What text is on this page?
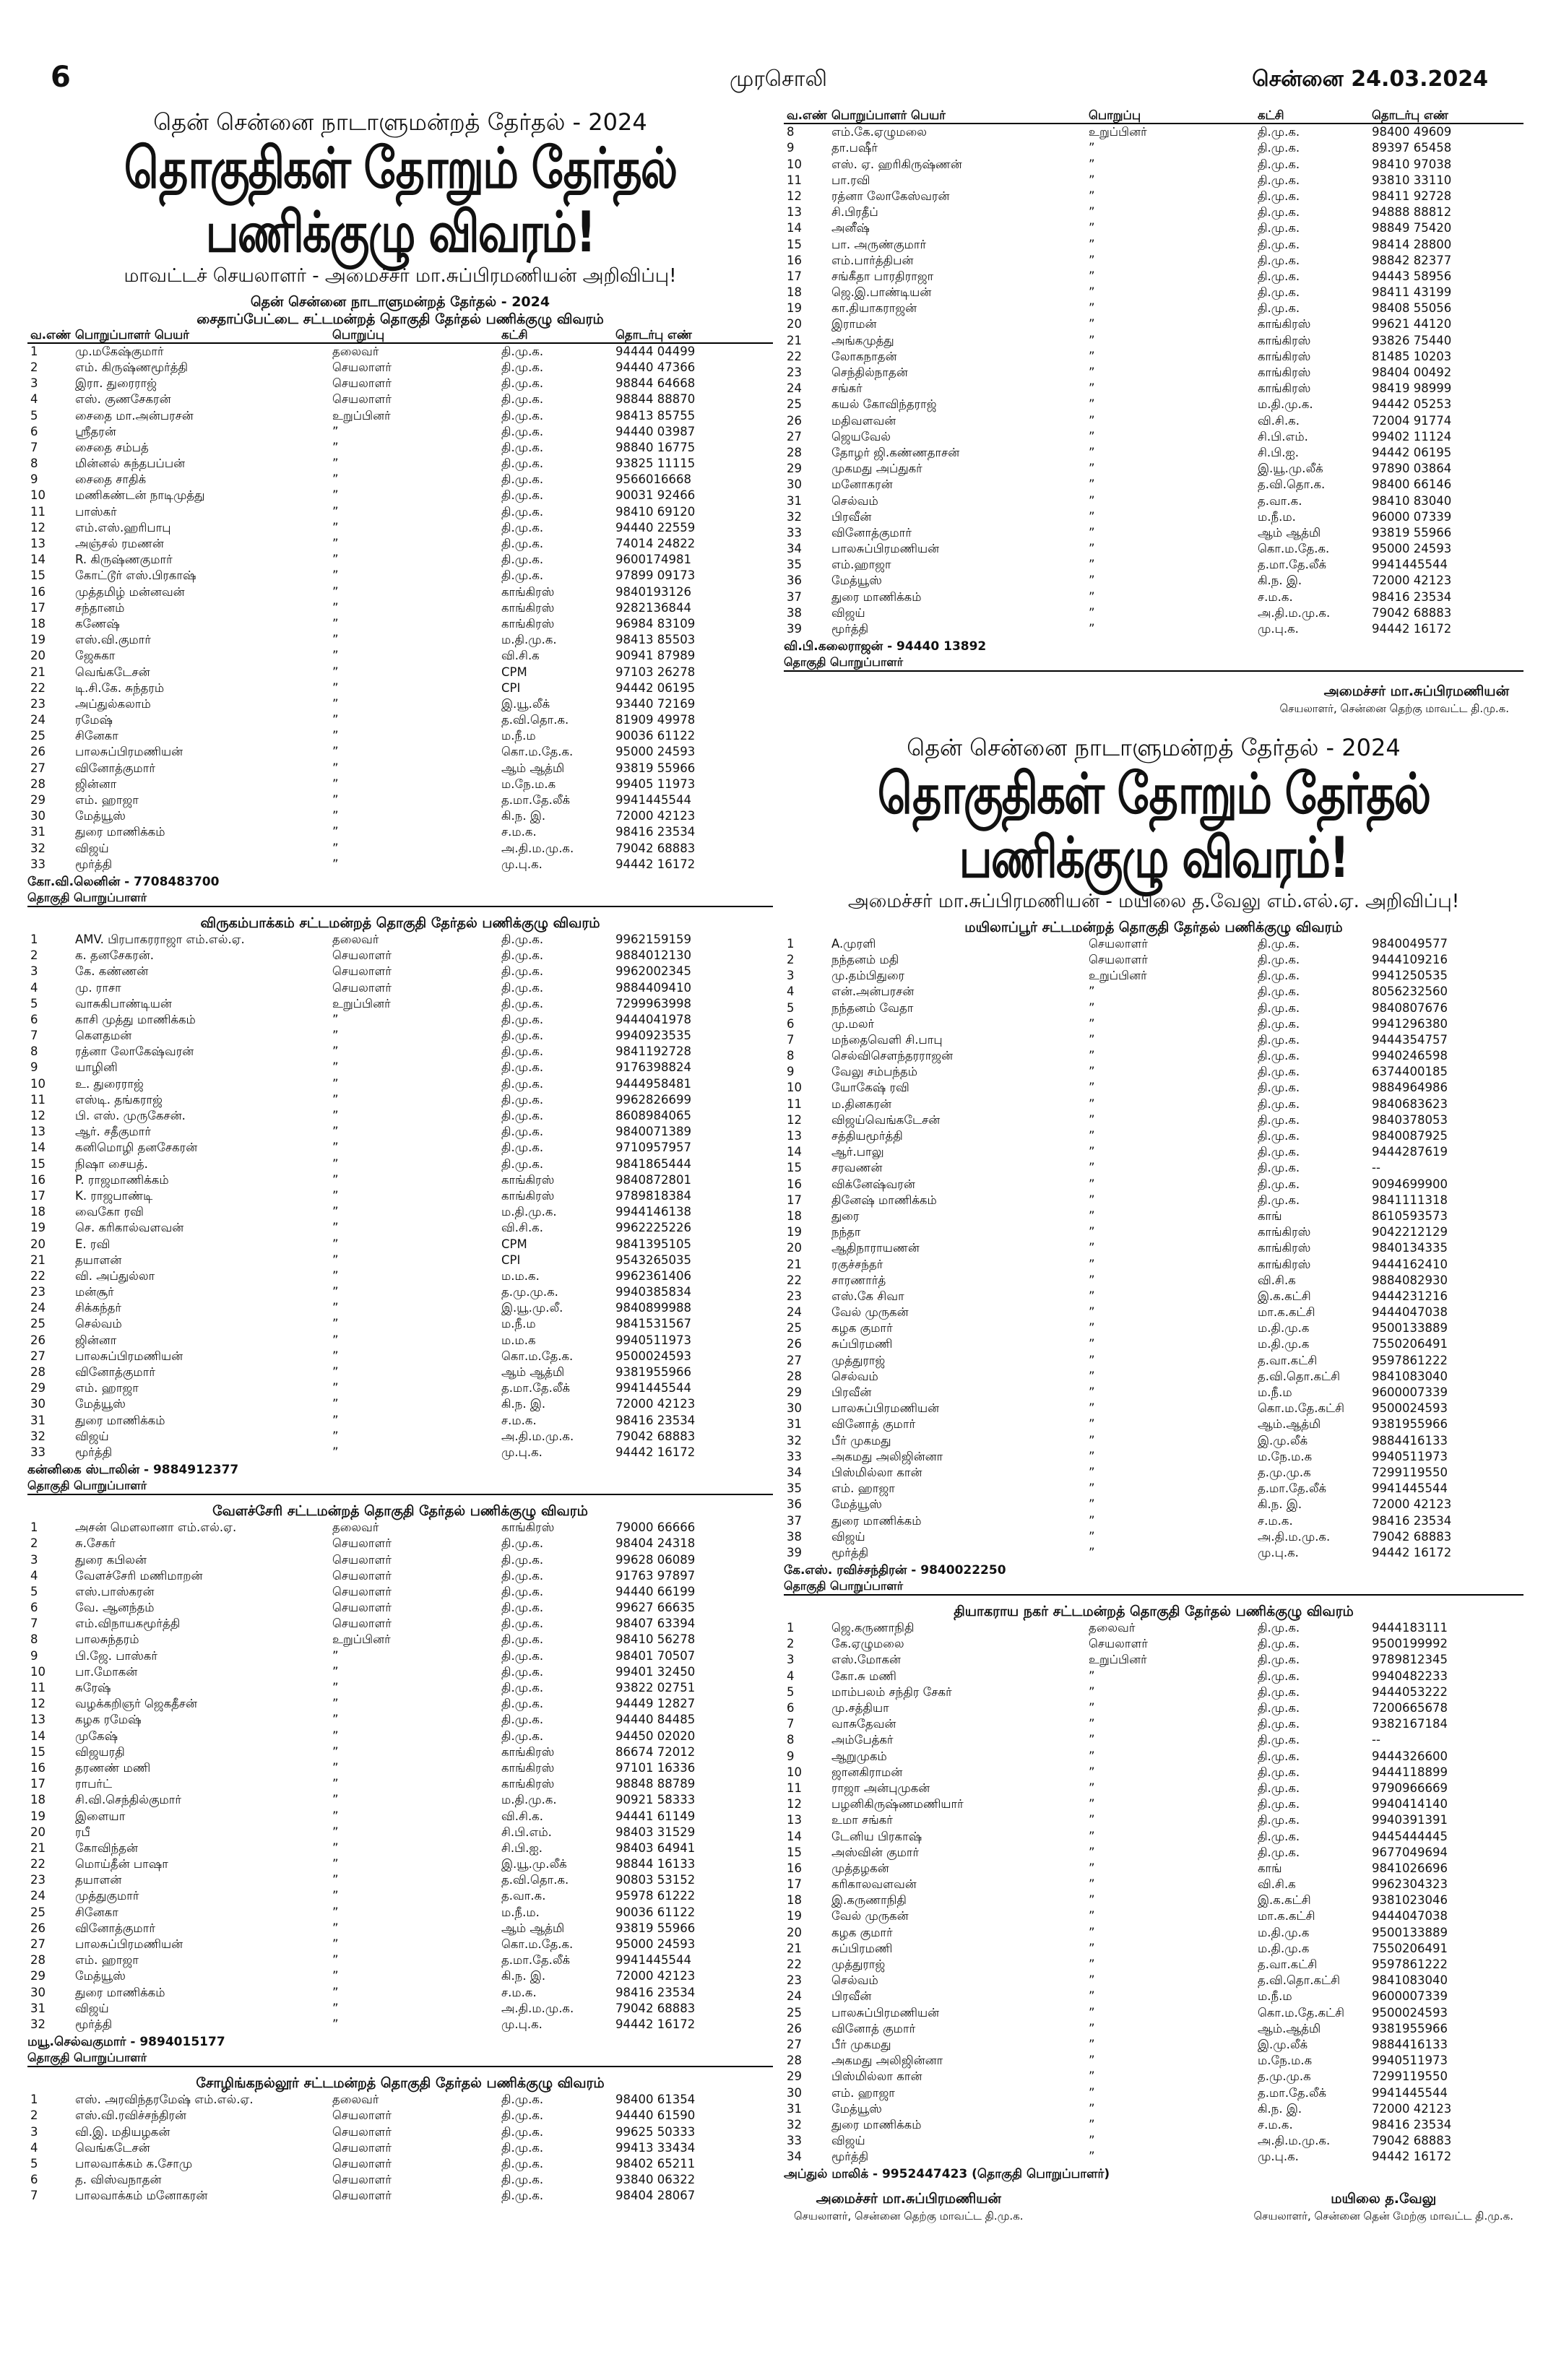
6	முரசொலி	சென்னை 24.03.2024
தென் சென்னை நாடாளுமன்றத் தேர்தல் - 2024
தொகுதிகள் தோறும் தேர்தல் பணிக்குழு விவரம்!
மாவட்டச் செயலாளர் - அமைச்சர் மா.சுப்பிரமணியன் அறிவிப்பு!
தென் சென்னை நாடாளுமன்றத் தேர்தல் - 2024
சைதாப்பேட்டை சட்டமன்றத் தொகுதி தேர்தல் பணிக்குழு விவரம்
வ.எண் பொறுப்பாளர் பெயர்	பொறுப்பு	கட்சி	தொடர்பு எண்
1	மு.மகேஷ்குமார்	தலைவர்	தி.மு.க.	94444 04499
2	எம். கிருஷ்ணமூர்த்தி	செயலாளர்	தி.மு.க.	94440 47366
3	இரா. துரைராஜ்	செயலாளர்	தி.மு.க.	98844 64668
4	எஸ். குணசேகரன்	செயலாளர்	தி.மு.க.	98844 88870
5	சைதை மா.அன்பரசன்	உறுப்பினர்	தி.மு.க.	98413 85755
6	ஸ்ரீதரன்	”	தி.மு.க.	94440 03987
7	சைதை சம்பத்	”	தி.மு.க.	98840 16775
8	மின்னல் சுந்தபப்பன்	”	தி.மு.க.	93825 11115
9	சைதை சாதிக்	”	தி.மு.க.	9566016668
10	மணிகண்டன் நாடிமுத்து	”	தி.மு.க.	90031 92466
11	பாஸ்கர்	”	தி.மு.க.	98410 69120
12	எம்.எஸ்.ஹரிபாபு	”	தி.மு.க.	94440 22559
13	அஞ்சல் ரமணன்	”	தி.மு.க.	74014 24822
14	R. கிருஷ்ணகுமார்	”	தி.மு.க.	9600174981
15	கோட்டூர் எஸ்.பிரகாஷ்	”	தி.மு.க.	97899 09173
16	முத்தமிழ் மன்னவன்	”	காங்கிரஸ்	9840193126
17	சந்தானம்	”	காங்கிரஸ்	9282136844
18	கணேஷ்	”	காங்கிரஸ்	96984 83109
19	எஸ்.வி.குமார்	”	ம.தி.மு.க.	98413 85503
20	ஜேசுகா	”	வி.சி.க	90941 87989
21	வெங்கடேசன்	”	CPM	97103 26278
22	டி.சி.கே. சுந்தரம்	”	CPI	94442 06195
23	அப்துல்கலாம்	”	இ.யூ.லீக்	93440 72169
24	ரமேஷ்	”	த.வி.தொ.க.	81909 49978
25	சினேகா	”	ம.நீ.ம	90036 61122
26	பாலசுப்பிரமணியன்	”	கொ.ம.தே.க.	95000 24593
27	வினோத்குமார்	”	ஆம் ஆத்மி	93819 55966
28	ஜின்னா	”	ம.நே.ம.க	99405 11973
29	எம். ஹாஜா	”	த.மா.தே.லீக்	9941445544
30	மேத்யூஸ்	”	கி.ந. இ.	72000 42123
31	துரை மாணிக்கம்	”	ச.ம.க.	98416 23534
32	விஜய்	”	அ.தி.ம.மு.க.	79042 68883
33	மூர்த்தி	”	மு.பு.க.	94442 16172
கோ.வி.லெனின் - 7708483700
தொகுதி பொறுப்பாளர்
விருகம்பாக்கம் சட்டமன்றத் தொகுதி தேர்தல் பணிக்குழு விவரம்
1	AMV. பிரபாகரராஜா எம்.எல்.ஏ.	தலைவர்	தி.மு.க.	9962159159
2	க. தனசேகரன்.	செயலாளர்	தி.மு.க.	9884012130
3	கே. கண்ணன்	செயலாளர்	தி.மு.க.	9962002345
4	மு. ராசா	செயலாளர்	தி.மு.க.	9884409410
5	வாசுகிபாண்டியன்	உறுப்பினர்	தி.மு.க.	7299963998
6	காசி முத்து மாணிக்கம்	”	தி.மு.க.	9444041978
7	கௌதமன்	”	தி.மு.க.	9940923535
8	ரத்னா லோகேஷ்வரன்	”	தி.மு.க.	9841192728
9	யாழினி	”	தி.மு.க.	9176398824
10	உ. துரைராஜ்	”	தி.மு.க.	9444958481
11	எஸ்டி. தங்கராஜ்	”	தி.மு.க.	9962826699
12	பி. எஸ். முருகேசன்.	”	தி.மு.க.	8608984065
13	ஆர். சதீகுமார்	”	தி.மு.க.	9840071389
14	கனிமொழி தனசேகரன்	”	தி.மு.க.	9710957957
15	நிஷா சையத்.	”	தி.மு.க.	9841865444
16	P. ராஜமாணிக்கம்	”	காங்கிரஸ்	9840872801
17	K. ராஜபாண்டி	”	காங்கிரஸ்	9789818384
18	வைகோ ரவி	”	ம.தி.மு.க.	9944146138
19	செ. கரிகால்வளவன்	”	வி.சி.க.	9962225226
20	E. ரவி	”	CPM	9841395105
21	தயாளன்	”	CPI	9543265035
22	வி. அப்துல்லா	”	ம.ம.க.	9962361406
23	மன்சூர்	”	த.மு.மு.க.	9940385834
24	சிக்கந்தர்	”	இ.யூ.மு.லீ.	9840899988
25	செல்வம்	”	ம.நீ.ம	9841531567
26	ஜின்னா	”	ம.ம.க	9940511973
27	பாலசுப்பிரமணியன்	”	கொ.ம.தே.க.	9500024593
28	வினோத்குமார்	”	ஆம் ஆத்மி	9381955966
29	எம். ஹாஜா	”	த.மா.தே.லீக்	9941445544
30	மேத்யூஸ்	”	கி.ந. இ.	72000 42123
31	துரை மாணிக்கம்	”	ச.ம.க.	98416 23534
32	விஜய்	”	அ.தி.ம.மு.க.	79042 68883
33	மூர்த்தி	”	மு.பு.க.	94442 16172
கன்னிகை ஸ்டாலின் - 9884912377
தொகுதி பொறுப்பாளர்
வேளச்சேரி சட்டமன்றத் தொகுதி தேர்தல் பணிக்குழு விவரம்
1	அசன் மௌலானா எம்.எல்.ஏ.	தலைவர்	காங்கிரஸ்	79000 66666
2	சு.சேகர்	செயலாளர்	தி.மு.க.	98404 24318
3	துரை கபிலன்	செயலாளர்	தி.மு.க.	99628 06089
4	வேளச்சேரி மணிமாறன்	செயலாளர்	தி.மு.க.	91763 97897
5	எஸ்.பாஸ்கரன்	செயலாளர்	தி.மு.க.	94440 66199
6	வே. ஆனந்தம்	செயலாளர்	தி.மு.க.	99627 66635
7	எம்.விநாயகமூர்த்தி	செயலாளர்	தி.மு.க.	98407 63394
8	பாலசுந்தரம்	உறுப்பினர்	தி.மு.க.	98410 56278
9	பி.ஜே. பாஸ்கர்	”	தி.மு.க.	98401 70507
10	பா.மோகன்	”	தி.மு.க.	99401 32450
11	சுரேஷ்	”	தி.மு.க.	93822 02751
12	வழக்கறிஞர் ஜெகதீசன்	”	தி.மு.க.	94449 12827
13	கழக ரமேஷ்	”	தி.மு.க.	94440 84485
14	முகேஷ்	”	தி.மு.க.	94450 02020
15	விஜயரதி	”	காங்கிரஸ்	86674 72012
16	தரணண் மணி	”	காங்கிரஸ்	97101 16336
17	ராபர்ட்	”	காங்கிரஸ்	98848 88789
18	சி.வி.செந்தில்குமார்	”	ம.தி.மு.க.	90921 58333
19	இளையா	”	வி.சி.க.	94441 61149
20	ரபீ	”	சி.பி.எம்.	98403 31529
21	கோவிந்தன்	”	சி.பி.ஐ.	98403 64941
22	மொய்தீன் பாஷா	”	இ.யூ.மு.லீக்	98844 16133
23	தயாளன்	”	த.வி.தொ.க.	90803 53152
24	முத்துகுமார்	”	த.வா.க.	95978 61222
25	சினேகா	”	ம.நீ.ம.	90036 61122
26	வினோத்குமார்	”	ஆம் ஆத்மி	93819 55966
27	பாலசுப்பிரமணியன்	”	கொ.ம.தே.க.	95000 24593
28	எம். ஹாஜா	”	த.மா.தே.லீக்	9941445544
29	மேத்யூஸ்	”	கி.ந. இ.	72000 42123
30	துரை மாணிக்கம்	”	ச.ம.க.	98416 23534
31	விஜய்	”	அ.தி.ம.மு.க.	79042 68883
32	மூர்த்தி	”	மு.பு.க.	94442 16172
மயூ.செல்வகுமார் - 9894015177
தொகுதி பொறுப்பாளர்
சோழிங்கநல்லூர் சட்டமன்றத் தொகுதி தேர்தல் பணிக்குழு விவரம்
1	எஸ். அரவிந்தரமேஷ் எம்.எல்.ஏ.	தலைவர்	தி.மு.க.	98400 61354
2	எஸ்.வி.ரவிச்சந்திரன்	செயலாளர்	தி.மு.க.	94440 61590
3	வி.இ. மதியழகன்	செயலாளர்	தி.மு.க.	99625 50333
4	வெங்கடேசன்	செயலாளர்	தி.மு.க.	99413 33434
5	பாலவாக்கம் க.சோமு	செயலாளர்	தி.மு.க.	98402 65211
6	த. விஸ்வநாதன்	செயலாளர்	தி.மு.க.	93840 06322
7	பாலவாக்கம் மனோகரன்	செயலாளர்	தி.மு.க.	98404 28067
வ.எண் பொறுப்பாளர் பெயர்	பொறுப்பு	கட்சி	தொடர்பு எண்
8	எம்.கே.ஏழுமலை	உறுப்பினர்	தி.மு.க.	98400 49609
9	தா.பஷீர்	”	தி.மு.க.	89397 65458
10	எஸ். ஏ. ஹரிகிருஷ்ணன்	”	தி.மு.க.	98410 97038
11	பா.ரவி	”	தி.மு.க.	93810 33110
12	ரத்னா லோகேஸ்வரன்	”	தி.மு.க.	98411 92728
13	சி.பிரதீப்	”	தி.மு.க.	94888 88812
14	அனீஷ்	”	தி.மு.க.	98849 75420
15	பா. அருண்குமார்	”	தி.மு.க.	98414 28800
16	எம்.பார்த்திபன்	”	தி.மு.க.	98842 82377
17	சங்கீதா பாரதிராஜா	”	தி.மு.க.	94443 58956
18	ஜெ.இ.பாண்டியன்	”	தி.மு.க.	98411 43199
19	கா.தியாகராஜன்	”	தி.மு.க.	98408 55056
20	இராமன்	”	காங்கிரஸ்	99621 44120
21	அங்கமுத்து	”	காங்கிரஸ்	93826 75440
22	லோகநாதன்	”	காங்கிரஸ்	81485 10203
23	செந்தில்நாதன்	”	காங்கிரஸ்	98404 00492
24	சங்கர்	”	காங்கிரஸ்	98419 98999
25	கயல் கோவிந்தராஜ்	”	ம.தி.மு.க.	94442 05253
26	மதிவளவன்	”	வி.சி.க.	72004 91774
27	ஜெயவேல்	”	சி.பி.எம்.	99402 11124
28	தோழர் ஜி.கண்ணதாசன்	”	சி.பி.ஐ.	94442 06195
29	முகமது அப்துகர்	”	இ.யூ.மு.லீக்	97890 03864
30	மனோகரன்	”	த.வி.தொ.க.	98400 66146
31	செல்வம்	”	த.வா.க.	98410 83040
32	பிரவீன்	”	ம.நீ.ம.	96000 07339
33	வினோத்குமார்	”	ஆம் ஆத்மி	93819 55966
34	பாலசுப்பிரமணியன்	”	கொ.ம.தே.க.	95000 24593
35	எம்.ஹாஜா	”	த.மா.தே.லீக்	9941445544
36	மேத்யூஸ்	”	கி.ந. இ.	72000 42123
37	துரை மாணிக்கம்	”	ச.ம.க.	98416 23534
38	விஜய்	”	அ.தி.ம.மு.க.	79042 68883
39	மூர்த்தி	”	மு.பு.க.	94442 16172
வி.பி.கலைராஜன் - 94440 13892
தொகுதி பொறுப்பாளர்
அமைச்சர் மா.சுப்பிரமணியன்
செயலாளர், சென்னை தெற்கு மாவட்ட தி.மு.க.
தென் சென்னை நாடாளுமன்றத் தேர்தல் - 2024
தொகுதிகள் தோறும் தேர்தல் பணிக்குழு விவரம்!
அமைச்சர் மா.சுப்பிரமணியன் - மயிலை த.வேலு எம்.எல்.ஏ. அறிவிப்பு!
மயிலாப்பூர் சட்டமன்றத் தொகுதி தேர்தல் பணிக்குழு விவரம்
1	A.முரளி	செயலாளர்	தி.மு.க.	9840049577
2	நந்தனம் மதி	செயலாளர்	தி.மு.க.	9444109216
3	மு.தம்பிதுரை	உறுப்பினர்	தி.மு.க.	9941250535
4	என்.அன்பரசன்	”	தி.மு.க.	8056232560
5	நந்தனம் வேதா	”	தி.மு.க.	9840807676
6	மு.மலர்	”	தி.மு.க.	9941296380
7	மந்தைவெளி சி.பாபு	”	தி.மு.க.	9444354757
8	செல்விசௌந்தரராஜன்	”	தி.மு.க.	9940246598
9	வேலு சம்பந்தம்	”	தி.மு.க.	6374400185
10	யோகேஷ் ரவி	”	தி.மு.க.	9884964986
11	ம.தினகரன்	”	தி.மு.க.	9840683623
12	விஜய்வெங்கடேசன்	”	தி.மு.க.	9840378053
13	சத்தியமூர்த்தி	”	தி.மு.க.	9840087925
14	ஆர்.பாலு	”	தி.மு.க.	9444287619
15	சரவணன்	”	தி.மு.க.	--
16	விக்னேஷ்வரன்	”	தி.மு.க.	9094699900
17	தினேஷ் மாணிக்கம்	”	தி.மு.க.	9841111318
18	துரை	”	காங்	8610593573
19	நந்தா	”	காங்கிரஸ்	9042212129
20	ஆதிநாராயணன்	”	காங்கிரஸ்	9840134335
21	ரகுச்சந்தர்	”	காங்கிரஸ்	9444162410
22	சாரணார்த்	”	வி.சி.க	9884082930
23	எஸ்.கே சிவா	”	இ.க.கட்சி	9444231216
24	வேல் முருகன்	”	மா.க.கட்சி	9444047038
25	கழக குமார்	”	ம.தி.மு.க	9500133889
26	சுப்பிரமணி	”	ம.தி.மு.க	7550206491
27	முத்துராஜ்	”	த.வா.கட்சி	9597861222
28	செல்வம்	”	த.வி.தொ.கட்சி	9841083040
29	பிரவீன்	”	ம.நீ.ம	9600007339
30	பாலசுப்பிரமணியன்	”	கொ.ம.தே.கட்சி	9500024593
31	வினோத் குமார்	”	ஆம்.ஆத்மி	9381955966
32	பீர் முகமது	”	இ.மு.லீக்	9884416133
33	அகமது அலிஜின்னா	”	ம.நே.ம.க	9940511973
34	பிஸ்மில்லா கான்	”	த.மு.மு.க	7299119550
35	எம். ஹாஜா	”	த.மா.தே.லீக்	9941445544
36	மேத்யூஸ்	”	கி.ந. இ.	72000 42123
37	துரை மாணிக்கம்	”	ச.ம.க.	98416 23534
38	விஜய்	”	அ.தி.ம.மு.க.	79042 68883
39	மூர்த்தி	”	மு.பு.க.	94442 16172
கே.எஸ். ரவிச்சந்திரன் - 9840022250
தொகுதி பொறுப்பாளர்
தியாகராய நகர் சட்டமன்றத் தொகுதி தேர்தல் பணிக்குழு விவரம்
1	ஜெ.கருணாநிதி	தலைவர்	தி.மு.க.	9444183111
2	கே.ஏழுமலை	செயலாளர்	தி.மு.க.	9500199992
3	எஸ்.மோகன்	உறுப்பினர்	தி.மு.க.	9789812345
4	கோ.சு மணி	”	தி.மு.க.	9940482233
5	மாம்பலம் சந்திர சேகர்	”	தி.மு.க.	9444053222
6	மு.சத்தியா	”	தி.மு.க.	7200665678
7	வாசுதேவன்	”	தி.மு.க.	9382167184
8	அம்பேத்கர்	”	தி.மு.க.	--
9	ஆறுமுகம்	”	தி.மு.க.	9444326600
10	ஜானகிராமன்	”	தி.மு.க.	9444118899
11	ராஜா அன்புமுகன்	”	தி.மு.க.	9790966669
12	பழனிகிருஷ்ணமணியார்	”	தி.மு.க.	9940414140
13	உமா சங்கர்	”	தி.மு.க.	9940391391
14	டேனிய பிரகாஷ்	”	தி.மு.க.	9445444445
15	அஸ்வின் குமார்	”	தி.மு.க.	9677049694
16	முத்தழகன்	”	காங்	9841026696
17	கரிகாலவளவன்	”	வி.சி.க	9962304323
18	இ.கருணாநிதி	”	இ.க.கட்சி	9381023046
19	வேல் முருகன்	”	மா.க.கட்சி	9444047038
20	கழக குமார்	”	ம.தி.மு.க	9500133889
21	சுப்பிரமணி	”	ம.தி.மு.க	7550206491
22	முத்துராஜ்	”	த.வா.கட்சி	9597861222
23	செல்வம்	”	த.வி.தொ.கட்சி	9841083040
24	பிரவீன்	”	ம.நீ.ம	9600007339
25	பாலசுப்பிரமணியன்	”	கொ.ம.தே.கட்சி	9500024593
26	வினோத் குமார்	”	ஆம்.ஆத்மி	9381955966
27	பீர் முகமது	”	இ.மு.லீக்	9884416133
28	அகமது அலிஜின்னா	”	ம.நே.ம.க	9940511973
29	பிஸ்மில்லா கான்	”	த.மு.மு.க	7299119550
30	எம். ஹாஜா	”	த.மா.தே.லீக்	9941445544
31	மேத்யூஸ்	”	கி.ந. இ.	72000 42123
32	துரை மாணிக்கம்	”	ச.ம.க.	98416 23534
33	விஜய்	”	அ.தி.ம.மு.க.	79042 68883
34	மூர்த்தி	”	மு.பு.க.	94442 16172
அப்துல் மாலிக் - 9952447423 (தொகுதி பொறுப்பாளர்)
அமைச்சர் மா.சுப்பிரமணியன்
செயலாளர், சென்னை தெற்கு மாவட்ட தி.மு.க.
மயிலை த.வேலு
செயலாளர், சென்னை தென் மேற்கு மாவட்ட தி.மு.க.
